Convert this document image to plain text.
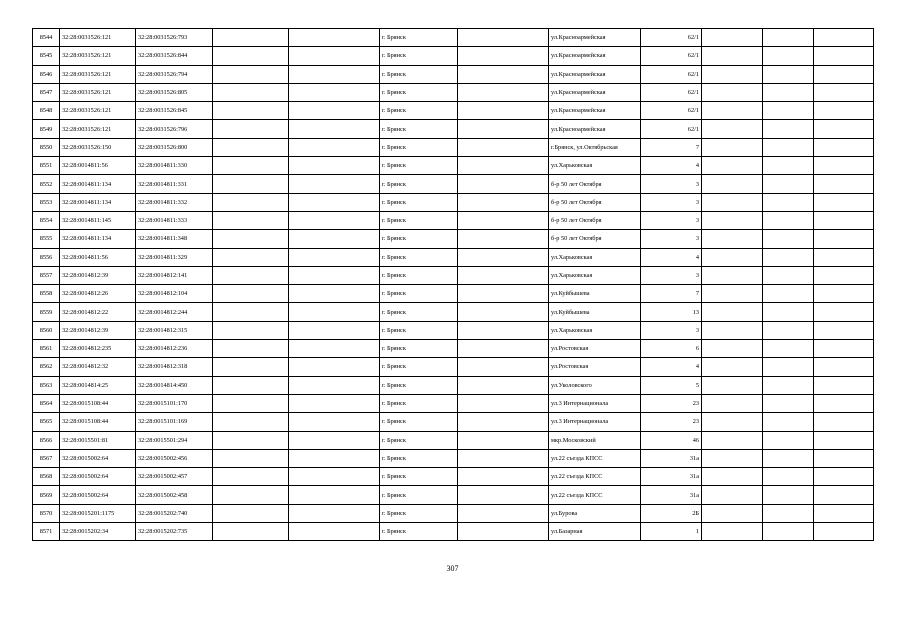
8544	32:28:0031526:121	32:28:0031526:793			г. Брянск		ул.Красноармейская	62/1			
8545	32:28:0031526:121	32:28:0031526:844			г. Брянск		ул.Красноармейская	62/1			
8546	32:28:0031526:121	32:28:0031526:794			г. Брянск		ул.Красноармейская	62/1			
8547	32:28:0031526:121	32:28:0031526:805			г. Брянск		ул.Красноармейская	62/1			
8548	32:28:0031526:121	32:28:0031526:845			г. Брянск		ул.Красноармейская	62/1			
8549	32:28:0031526:121	32:28:0031526:796			г. Брянск		ул.Красноармейская	62/1			
8550	32:28:0031526:150	32:28:0031526:800			г. Брянск		г.Брянск, ул.Октябрьская	7			
8551	32:28:0014811:56	32:28:0014811:330			г. Брянск		ул.Харьковская	4			
8552	32:28:0014811:134	32:28:0014811:331			г. Брянск		б-р 50 лет Октября	3			
8553	32:28:0014811:134	32:28:0014811:332			г. Брянск		б-р 50 лет Октября	3			
8554	32:28:0014811:145	32:28:0014811:333			г. Брянск		б-р 50 лет Октября	3			
8555	32:28:0014811:134	32:28:0014811:348			г. Брянск		б-р 50 лет Октября	3			
8556	32:28:0014811:56	32:28:0014811:329			г. Брянск		ул.Харьковская	4			
8557	32:28:0014812:39	32:28:0014812:141			г. Брянск		ул.Харьковская	3			
8558	32:28:0014812:26	32:28:0014812:104			г. Брянск		ул.Куйбышева	7			
8559	32:28:0014812:22	32:28:0014812:244			г. Брянск		ул.Куйбышева	13			
8560	32:28:0014812:39	32:28:0014812:315			г. Брянск		ул.Харьковская	3			
8561	32:28:0014812:235	32:28:0014812:236			г. Брянск		ул.Ростовская	6			
8562	32:28:0014812:32	32:28:0014812:318			г. Брянск		ул.Ростовская	4			
8563	32:28:0014814:25	32:28:0014814:450			г. Брянск		ул.Уколовского	5			
8564	32:28:0015108:44	32:28:0015101:170			г. Брянск		ул.3 Интернационала	23			
8565	32:28:0015108:44	32:28:0015101:169			г. Брянск		ул.3 Интернационала	23			
8566	32:28:0015501:81	32:28:0015501:294			г. Брянск		мкр.Московский	46			
8567	32:28:0015002:64	32:28:0015002:456			г. Брянск		ул.22 съезда КПСС	31а			
8568	32:28:0015002:64	32:28:0015002:457			г. Брянск		ул.22 съезда КПСС	31а			
8569	32:28:0015002:64	32:28:0015002:458			г. Брянск		ул.22 съезда КПСС	31а			
8570	32:28:0015201:1175	32:28:0015202:740			г. Брянск		ул.Бурова	2Б			
8571	32:28:0015202:34	32:28:0015202:735			г. Брянск		ул.Базарная	1			
307
